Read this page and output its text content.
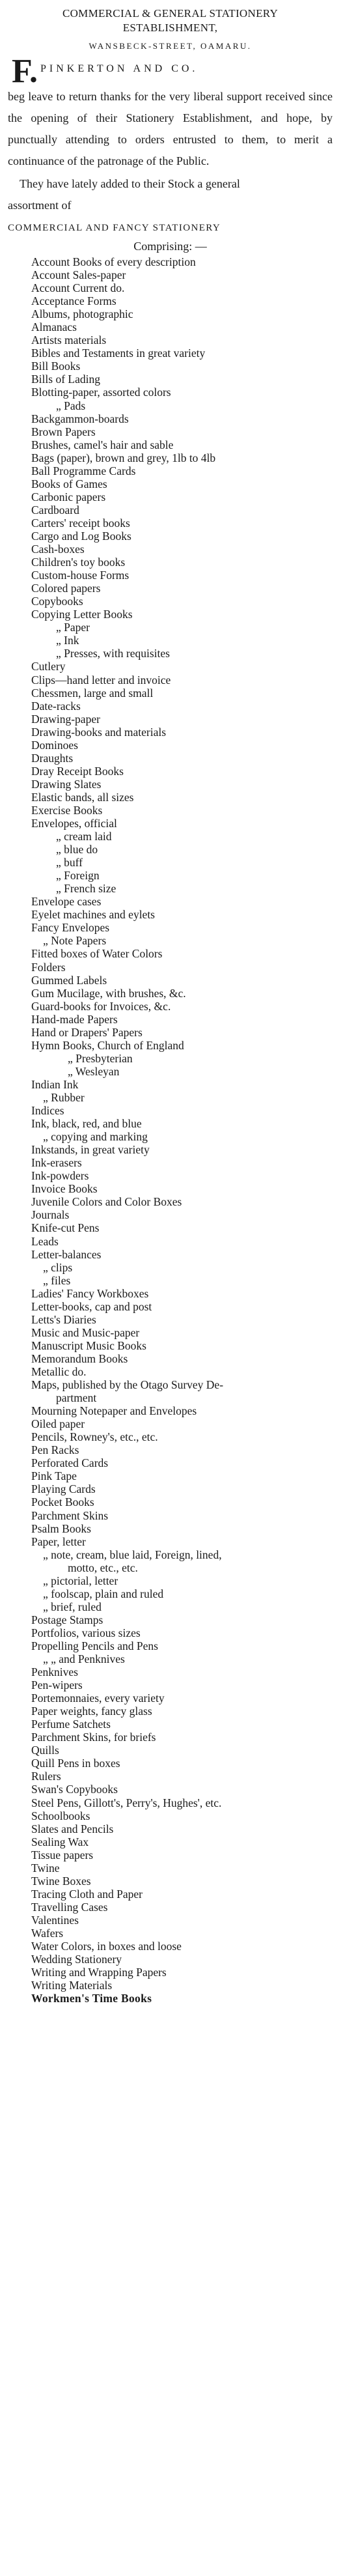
COMMERCIAL & GENERAL STATIONERY
ESTABLISHMENT,
WANSBECK-STREET, OAMARU.
F. PINKERTON AND CO.
beg leave to return thanks for the very liberal support received since the opening of their Stationery Establishment, and hope, by punctually attending to orders entrusted to them, to merit a continuance of the patronage of the Public.
They have lately added to their Stock a general
assortment of
COMMERCIAL AND FANCY STATIONERY
Comprising: —
Account Books of every description
Account Sales-paper
Account Current do.
Acceptance Forms
Albums, photographic
Almanacs
Artists materials
Bibles and Testaments in great variety
Bill Books
Bills of Lading
Blotting-paper, assorted colors
„ Pads
Backgammon-boards
Brown Papers
Brushes, camel's hair and sable
Bags (paper), brown and grey, 1lb to 4lb
Ball Programme Cards
Books of Games
Carbonic papers
Cardboard
Carters' receipt books
Cargo and Log Books
Cash-boxes
Children's toy books
Custom-house Forms
Colored papers
Copybooks
Copying Letter Books
„ Paper
„ Ink
„ Presses, with requisites
Cutlery
Clips—hand letter and invoice
Chessmen, large and small
Date-racks
Drawing-paper
Drawing-books and materials
Dominoes
Draughts
Dray Receipt Books
Drawing Slates
Elastic bands, all sizes
Exercise Books
Envelopes, official
„ cream laid
„ blue do
„ buff
„ Foreign
„ French size
Envelope cases
Eyelet machines and eylets
Fancy Envelopes
„ Note Papers
Fitted boxes of Water Colors
Folders
Gummed Labels
Gum Mucilage, with brushes, &c.
Guard-books for Invoices, &c.
Hand-made Papers
Hand or Drapers' Papers
Hymn Books, Church of England
„ Presbyterian
„ Wesleyan
Indian Ink
„ Rubber
Indices
Ink, black, red, and blue
„ copying and marking
Inkstands, in great variety
Ink-erasers
Ink-powders
Invoice Books
Juvenile Colors and Color Boxes
Journals
Knife-cut Pens
Leads
Letter-balances
„ clips
„ files
Ladies' Fancy Workboxes
Letter-books, cap and post
Letts's Diaries
Music and Music-paper
Manuscript Music Books
Memorandum Books
Metallic do.
Maps, published by the Otago Survey De-
partment
Mourning Notepaper and Envelopes
Oiled paper
Pencils, Rowney's, etc., etc.
Pen Racks
Perforated Cards
Pink Tape
Playing Cards
Pocket Books
Parchment Skins
Psalm Books
Paper, letter
„ note, cream, blue laid, Foreign, lined,
motto, etc., etc.
„ pictorial, letter
„ foolscap, plain and ruled
„ brief, ruled
Postage Stamps
Portfolios, various sizes
Propelling Pencils and Pens
„ „ and Penknives
Penknives
Pen-wipers
Portemonnaies, every variety
Paper weights, fancy glass
Perfume Satchets
Parchment Skins, for briefs
Quills
Quill Pens in boxes
Rulers
Swan's Copybooks
Steel Pens, Gillott's, Perry's, Hughes', etc.
Schoolbooks
Slates and Pencils
Sealing Wax
Tissue papers
Twine
Twine Boxes
Tracing Cloth and Paper
Travelling Cases
Valentines
Wafers
Water Colors, in boxes and loose
Wedding Stationery
Writing and Wrapping Papers
Writing Materials
Workmen's Time Books
